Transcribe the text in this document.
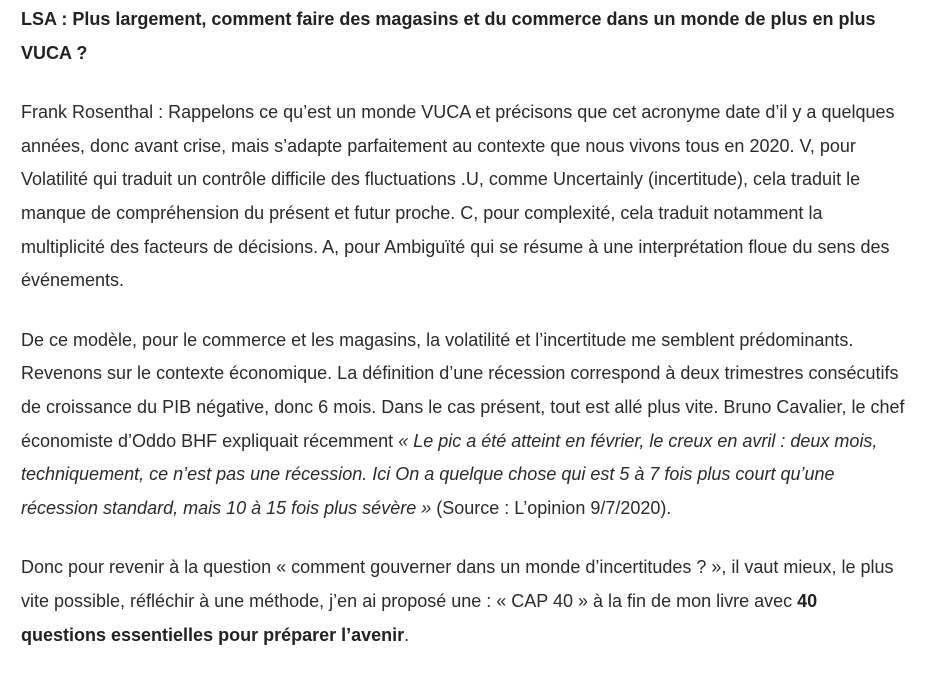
LSA : Plus largement, comment faire des magasins et du commerce dans un monde de plus en plus VUCA ?

Frank Rosenthal : Rappelons ce qu’est un monde VUCA et précisons que cet acronyme date d’il y a quelques années, donc avant crise, mais s’adapte parfaitement au contexte que nous vivons tous en 2020. V, pour Volatilité qui traduit un contrôle difficile des fluctuations .U, comme Uncertainly (incertitude), cela traduit le manque de compréhension du présent et futur proche. C, pour complexité, cela traduit notamment la multiplicité des facteurs de décisions. A, pour Ambiguïté qui se résume à une interprétation floue du sens des événements.

De ce modèle, pour le commerce et les magasins, la volatilité et l’incertitude me semblent prédominants. Revenons sur le contexte économique. La définition d’une récession correspond à deux trimestres consécutifs de croissance du PIB négative, donc 6 mois. Dans le cas présent, tout est allé plus vite. Bruno Cavalier, le chef économiste d’Oddo BHF expliquait récemment « Le pic a été atteint en février, le creux en avril : deux mois, techniquement, ce n’est pas une récession. Ici On a quelque chose qui est 5 à 7 fois plus court qu’une récession standard, mais 10 à 15 fois plus sévère » (Source : L’opinion 9/7/2020).

Donc pour revenir à la question « comment gouverner dans un monde d’incertitudes ? », il vaut mieux, le plus vite possible, réfléchir à une méthode, j’en ai proposé une : « CAP 40 » à la fin de mon livre avec 40 questions essentielles pour préparer l’avenir.
